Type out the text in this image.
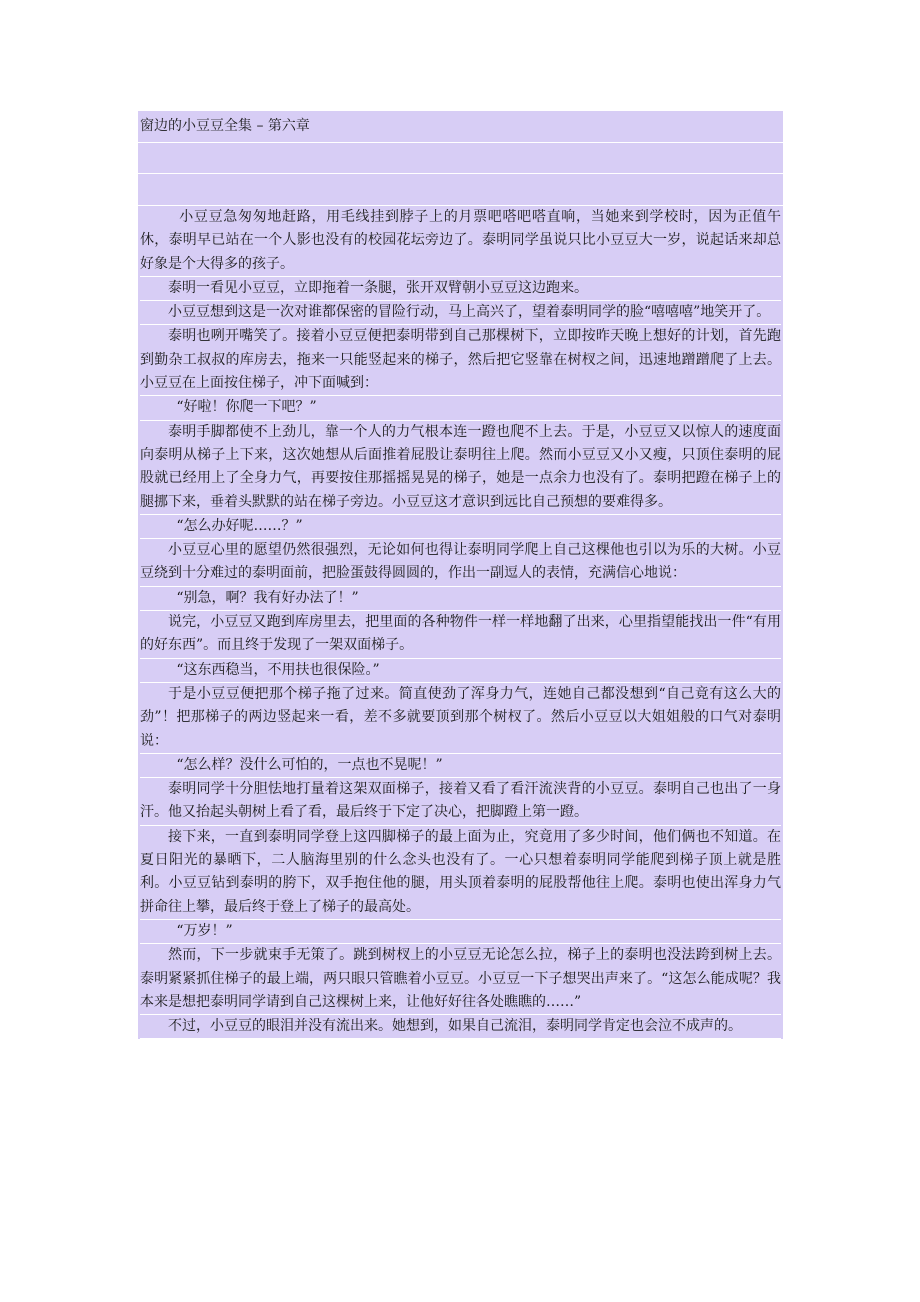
窗边的小豆豆全集 – 第六章

小豆豆急匆匆地赶路，用毛线挂到脖子上的月票吧嗒吧嗒直响，当她来到学校时，因为正值午休，泰明早已站在一个人影也没有的校园花坛旁边了。泰明同学虽说只比小豆豆大一岁，说起话来却总好象是个大得多的孩子。

泰明一看见小豆豆，立即拖着一条腿，张开双臂朝小豆豆这边跑来。

小豆豆想到这是一次对谁都保密的冒险行动，马上高兴了，望着泰明同学的脸“嘻嘻嘻”地笑开了。

泰明也咧开嘴笑了。接着小豆豆便把泰明带到自己那棵树下，立即按昨天晚上想好的计划，首先跑到勤杂工叔叔的库房去，拖来一只能竖起来的梯子，然后把它竖靠在树杈之间，迅速地蹭蹭爬了上去。小豆豆在上面按住梯子，冲下面喊到：

“好啦！你爬一下吧？”

泰明手脚都使不上劲儿，靠一个人的力气根本连一蹬也爬不上去。于是，小豆豆又以惊人的速度面向泰明从梯子上下来，这次她想从后面推着屁股让泰明往上爬。然而小豆豆又小又瘦，只顶住泰明的屁股就已经用上了全身力气，再要按住那摇摇晃晃的梯子，她是一点余力也没有了。泰明把蹬在梯子上的腿挪下来，垂着头默默的站在梯子旁边。小豆豆这才意识到远比自己预想的要难得多。

“怎么办好呢……？”

小豆豆心里的愿望仍然很强烈，无论如何也得让泰明同学爬上自己这棵他也引以为乐的大树。小豆豆绕到十分难过的泰明面前，把脸蛋鼓得圆圆的，作出一副逗人的表情，充满信心地说：

“别急，啊？我有好办法了！”

说完，小豆豆又跑到库房里去，把里面的各种物件一样一样地翻了出来，心里指望能找出一件“有用的好东西”。而且终于发现了一架双面梯子。

“这东西稳当，不用扶也很保险。”

于是小豆豆便把那个梯子拖了过来。简直使劲了浑身力气，连她自己都没想到“自己竟有这么大的劲”！把那梯子的两边竖起来一看，差不多就要顶到那个树杈了。然后小豆豆以大姐姐般的口气对泰明说：

“怎么样？没什么可怕的，一点也不晃呢！”

泰明同学十分胆怯地打量着这架双面梯子，接着又看了看汗流浃背的小豆豆。泰明自己也出了一身汗。他又抬起头朝树上看了看，最后终于下定了决心，把脚蹬上第一蹬。

接下来，一直到泰明同学登上这四脚梯子的最上面为止，究竟用了多少时间，他们俩也不知道。在夏日阳光的暴晒下，二人脑海里别的什么念头也没有了。一心只想着泰明同学能爬到梯子顶上就是胜利。小豆豆钻到泰明的胯下，双手抱住他的腿，用头顶着泰明的屁股帮他往上爬。泰明也使出浑身力气拼命往上攀，最后终于登上了梯子的最高处。

“万岁！”

然而，下一步就束手无策了。跳到树杈上的小豆豆无论怎么拉，梯子上的泰明也没法跨到树上去。泰明紧紧抓住梯子的最上端，两只眼只管瞧着小豆豆。小豆豆一下子想哭出声来了。“这怎么能成呢？我本来是想把泰明同学请到自己这棵树上来，让他好好往各处瞧瞧的……”

不过，小豆豆的眼泪并没有流出来。她想到，如果自己流泪，泰明同学肯定也会泣不成声的。
